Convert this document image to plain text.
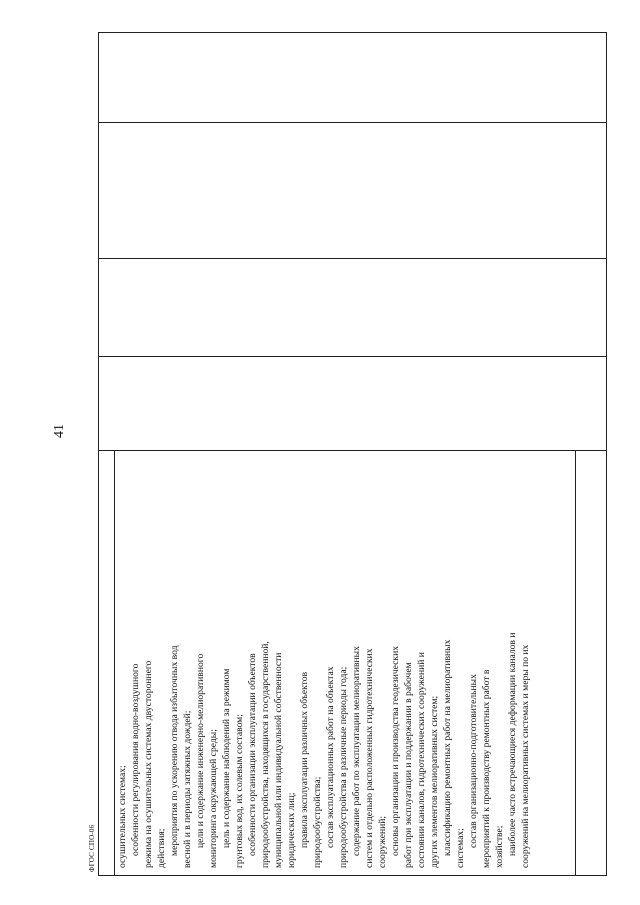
41
ФГОС СПО-06 осушительных системах; особенности регулирования водно-воздушного режима на осушительных системах двустороннего действия; мероприятия по ускорению отвода избыточных вод весной и в периоды затяжных дождей; цели и содержание инженерно-мелиоративного мониторинга окружающей среды; цель и содержание наблюдений за режимом грунтовых вод, их солевым составом; особенности организации эксплуатации объектов природообустройства, находящихся в государственной, муниципальной или индивидуальной собственности юридических лиц; правила эксплуатации различных объектов природообустройства; состав эксплуатационных работ на объектах природообустройства в различные периоды года; содержание работ по эксплуатации мелиоративных систем и отдельно расположенных гидротехнических сооружений; основы организации и производства геодезических работ при эксплуатации и поддержании в рабочем состоянии каналов, гидротехнических сооружений и других элементов мелиоративных систем; классификацию ремонтных работ на мелиоративных системах;
состав организационно-подготовительных мероприятий к производству ремонтных работ в хозяйстве; наиболее часто встречающиеся деформации каналов и сооружений на мелиоративных системах и меры по их
